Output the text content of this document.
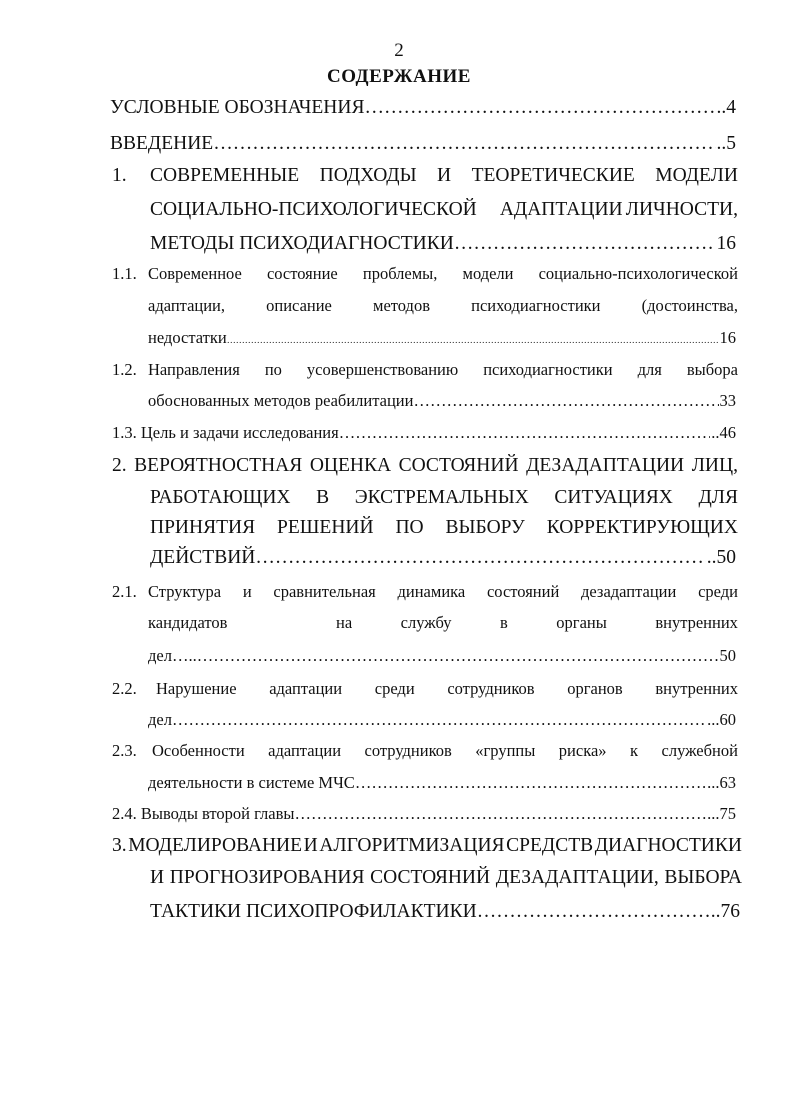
2
СОДЕРЖАНИЕ
УСЛОВНЫЕ ОБОЗНАЧЕНИЯ ……………………………………………………………………………………………………………………………………………………………………………………………………………………	..4
ВВЕДЕНИЕ ……………………………………………………………………………………………………………………………………………………………………………………………………………………	..5
1. СОВРЕМЕННЫЕ ПОДХОДЫ И ТЕОРЕТИЧЕСКИЕ МОДЕЛИ
СОЦИАЛЬНО-ПСИХОЛОГИЧЕСКОЙ	АДАПТАЦИИ ЛИЧНОСТИ,
МЕТОДЫ ПСИХОДИАГНОСТИКИ ……………………………………………………………………………………………………………………………………………………………………………………………………………………	16
1.1. Современное состояние проблемы, модели социально-психологической
адаптации, описание методов психодиагностики (достоинства,
недостатки ……………………………………………………………………………………………………………………………………………………………………………………………………………………	16
1.2. Направления по усовершенствованию психодиагностики для выбора
обоснованных методов реабилитации ……………………………………………………………………………………………………………………………………………………………………………………………………………………	33
1.3. Цель и задачи исследования ……………………………………………………………………………………………………………………………………………………………………………………………………………………	..46
2. ВЕРОЯТНОСТНАЯ ОЦЕНКА СОСТОЯНИЙ ДЕЗАДАПТАЦИИ ЛИЦ,
РАБОТАЮЩИХ В ЭКСТРЕМАЛЬНЫХ СИТУАЦИЯХ ДЛЯ
ПРИНЯТИЯ РЕШЕНИЙ ПО ВЫБОРУ КОРРЕКТИРУЮЩИХ
ДЕЙСТВИЙ ……………………………………………………………………………………………………………………………………………………………………………………………………………………	..50
2.1. Структура и сравнительная динамика состояний дезадаптации среди
кандидатов	на	службу	в	органы	внутренних
дел….. ……………………………………………………………………………………………………………………………………………………………………………………………………………………	50
2.2. Нарушение адаптации среди сотрудников органов внутренних
дел ……………………………………………………………………………………………………………………………………………………………………………………………………………………	...60
2.3. Особенности адаптации сотрудников «группы риска» к служебной
деятельности в системе МЧС ……………………………………………………………………………………………………………………………………………………………………………………………………………………	...63
2.4. Выводы второй главы ……………………………………………………………………………………………………………………………………………………………………………………………………………………	...75
3. МОДЕЛИРОВАНИЕ И АЛГОРИТМИЗАЦИЯ СРЕДСТВ ДИАГНОСТИКИ
И ПРОГНОЗИРОВАНИЯ СОСТОЯНИЙ ДЕЗАДАПТАЦИИ, ВЫБОРА
ТАКТИКИ ПСИХОПРОФИЛАКТИКИ ……………………………………………………………………………………………………………………………………………………………………………………………………………………	..76
